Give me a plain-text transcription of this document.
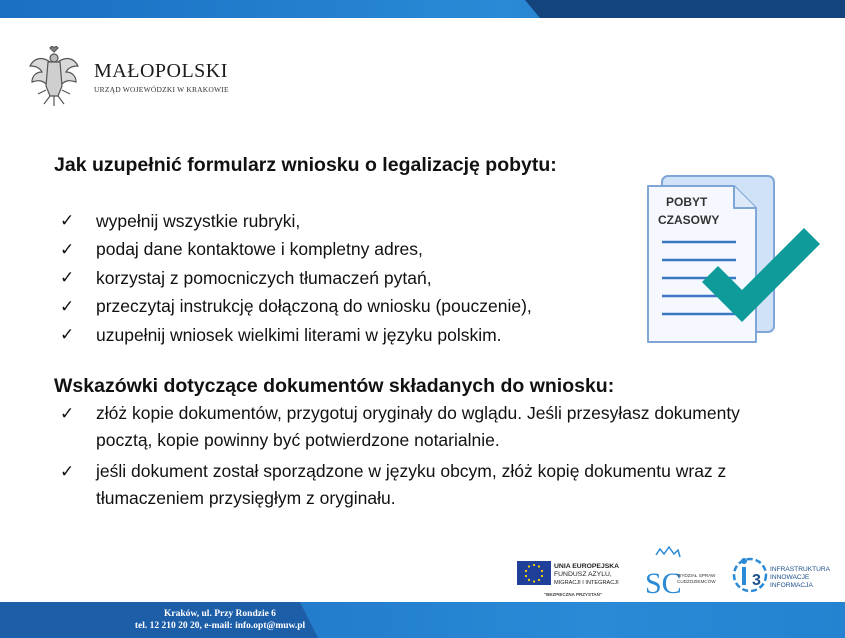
MAŁOPOLSKI
URZĄD WOJEWÓDZKI W KRAKOWIE
Jak uzupełnić formularz wniosku o legalizację pobytu:
✓	wypełnij wszystkie rubryki,
✓	podaj dane kontaktowe i kompletny adres,
✓	korzystaj z pomocniczych tłumaczeń pytań,
✓	przeczytaj instrukcję dołączoną do wniosku (pouczenie),
✓	uzupełnij wniosek wielkimi literami w języku polskim.
POBYT
CZASOWY
Wskazówki dotyczące dokumentów składanych do wniosku:
✓	złóż kopie dokumentów, przygotuj oryginały do wglądu. Jeśli przesyłasz dokumenty pocztą, kopie powinny być potwierdzone notarialnie.
✓	jeśli dokument został sporządzone w języku obcym, złóż kopię dokumentu wraz z tłumaczeniem przysięgłym z oryginału.
UNIA EUROPEJSKA
FUNDUSZ AZYLU,
MIGRACJI I INTEGRACJI
"BEZPIECZNA PRZYSTAŃ" SC
WYDZIAŁ SPRAW
CUDZOZIEMCÓW 3
INFRASTRUKTURA
INNOWACJE
INFORMACJA
Kraków, ul. Przy Rondzie 6
tel. 12 210 20 20, e-mail: info.opt@muw.pl
